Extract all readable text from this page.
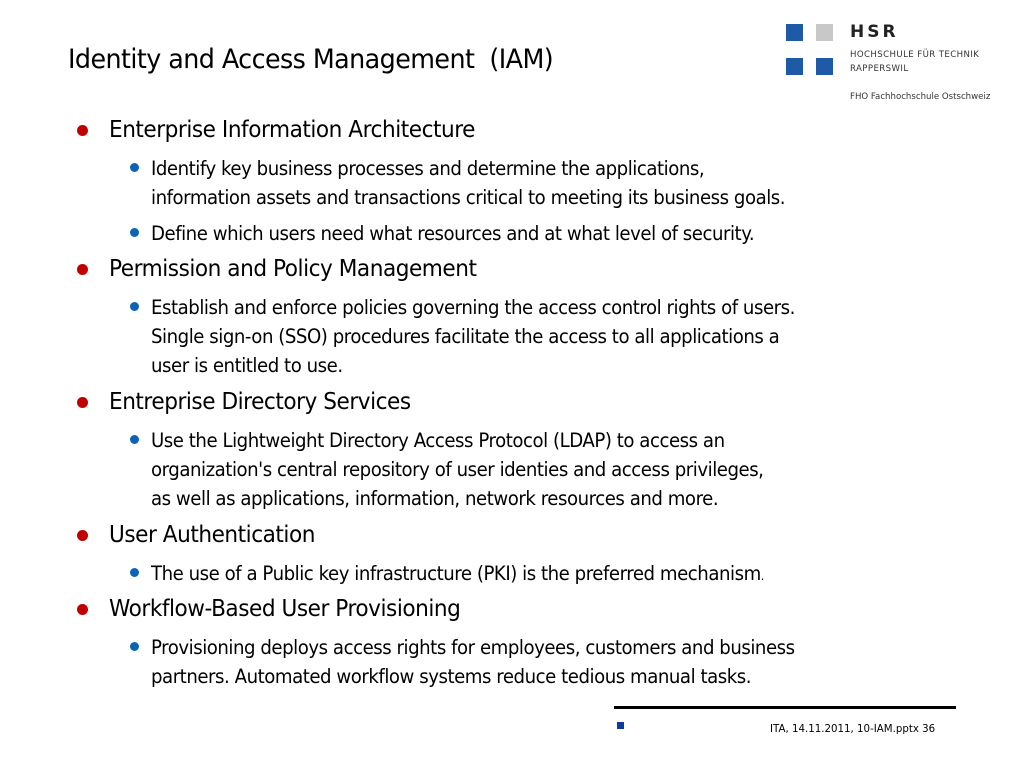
Identity and Access Management  (IAM)
HSR
HOCHSCHULE FÜR TECHNIK
RAPPERSWIL
FHO Fachhochschule Ostschweiz
Enterprise Information Architecture
Identify key business processes and determine the applications,
information assets and transactions critical to meeting its business goals.
Define which users need what resources and at what level of security.
Permission and Policy Management
Establish and enforce policies governing the access control rights of users.
Single sign-on (SSO) procedures facilitate the access to all applications a
user is entitled to use.
Entreprise Directory Services
Use the Lightweight Directory Access Protocol (LDAP) to access an
organization's central repository of user identies and access privileges,
as well as applications, information, network resources and more.
User Authentication
The use of a Public key infrastructure (PKI) is the preferred mechanism.
Workflow-Based User Provisioning
Provisioning deploys access rights for employees, customers and business
partners. Automated workflow systems reduce tedious manual tasks.
ITA, 14.11.2011, 10-IAM.pptx 36
